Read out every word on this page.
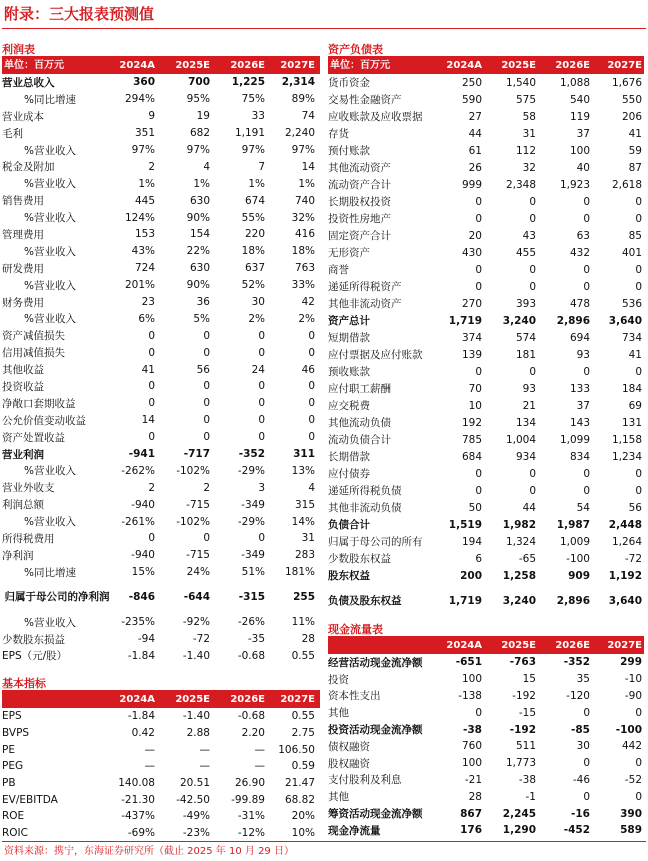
附录：三大报表预测值
利润表
单位：百万元	2024A	2025E	2026E	2027E
营业总收入	360	700	1,225	2,314
%同比增速	294%	95%	75%	89%
营业成本	9	19	33	74
毛利	351	682	1,191	2,240
%营业收入	97%	97%	97%	97%
税金及附加	2	4	7	14
%营业收入	1%	1%	1%	1%
销售费用	445	630	674	740
%营业收入	124%	90%	55%	32%
管理费用	153	154	220	416
%营业收入	43%	22%	18%	18%
研发费用	724	630	637	763
%营业收入	201%	90%	52%	33%
财务费用	23	36	30	42
%营业收入	6%	5%	2%	2%
资产减值损失	0	0	0	0
信用减值损失	0	0	0	0
其他收益	41	56	24	46
投资收益	0	0	0	0
净敞口套期收益	0	0	0	0
公允价值变动收益	14	0	0	0
资产处置收益	0	0	0	0
营业利润	-941	-717	-352	311
%营业收入	-262%	-102%	-29%	13%
营业外收支	2	2	3	4
利润总额	-940	-715	-349	315
%营业收入	-261%	-102%	-29%	14%
所得税费用	0	0	0	31
净利润	-940	-715	-349	283
%同比增速	15%	24%	51%	181%
归属于母公司的净利润	-846	-644	-315	255
%营业收入	-235%	-92%	-26%	11%
少数股东损益	-94	-72	-35	28
EPS（元/股）	-1.84	-1.40	-0.68	0.55
基本指标
2024A	2025E	2026E	2027E
EPS	-1.84	-1.40	-0.68	0.55
BVPS	0.42	2.88	2.20	2.75
PE	—	—	—	106.50
PEG	—	—	—	0.59
PB	140.08	20.51	26.90	21.47
EV/EBITDA	-21.30	-42.50	-99.89	68.82
ROE	-437%	-49%	-31%	20%
ROIC	-69%	-23%	-12%	10%
资产负债表
单位：百万元	2024A	2025E	2026E	2027E
货币资金	250	1,540	1,088	1,676
交易性金融资产	590	575	540	550
应收账款及应收票据	27	58	119	206
存货	44	31	37	41
预付账款	61	112	100	59
其他流动资产	26	32	40	87
流动资产合计	999	2,348	1,923	2,618
长期股权投资	0	0	0	0
投资性房地产	0	0	0	0
固定资产合计	20	43	63	85
无形资产	430	455	432	401
商誉	0	0	0	0
递延所得税资产	0	0	0	0
其他非流动资产	270	393	478	536
资产总计	1,719	3,240	2,896	3,640
短期借款	374	574	694	734
应付票据及应付账款	139	181	93	41
预收账款	0	0	0	0
应付职工薪酬	70	93	133	184
应交税费	10	21	37	69
其他流动负债	192	134	143	131
流动负债合计	785	1,004	1,099	1,158
长期借款	684	934	834	1,234
应付债券	0	0	0	0
递延所得税负债	0	0	0	0
其他非流动负债	50	44	54	56
负债合计	1,519	1,982	1,987	2,448
归属于母公司的所有	194	1,324	1,009	1,264
少数股东权益	6	-65	-100	-72
股东权益	200	1,258	909	1,192
负债及股东权益	1,719	3,240	2,896	3,640
现金流量表
2024A	2025E	2026E	2027E
经营活动现金流净额	-651	-763	-352	299
投资	100	15	35	-10
资本性支出	-138	-192	-120	-90
其他	0	-15	0	0
投资活动现金流净额	-38	-192	-85	-100
债权融资	760	511	30	442
股权融资	100	1,773	0	0
支付股利及利息	-21	-38	-46	-52
其他	28	-1	0	0
筹资活动现金流净额	867	2,245	-16	390
现金净流量	176	1,290	-452	589
资料来源：携宁，东海证券研究所（截止 2025 年 10 月 29 日）
